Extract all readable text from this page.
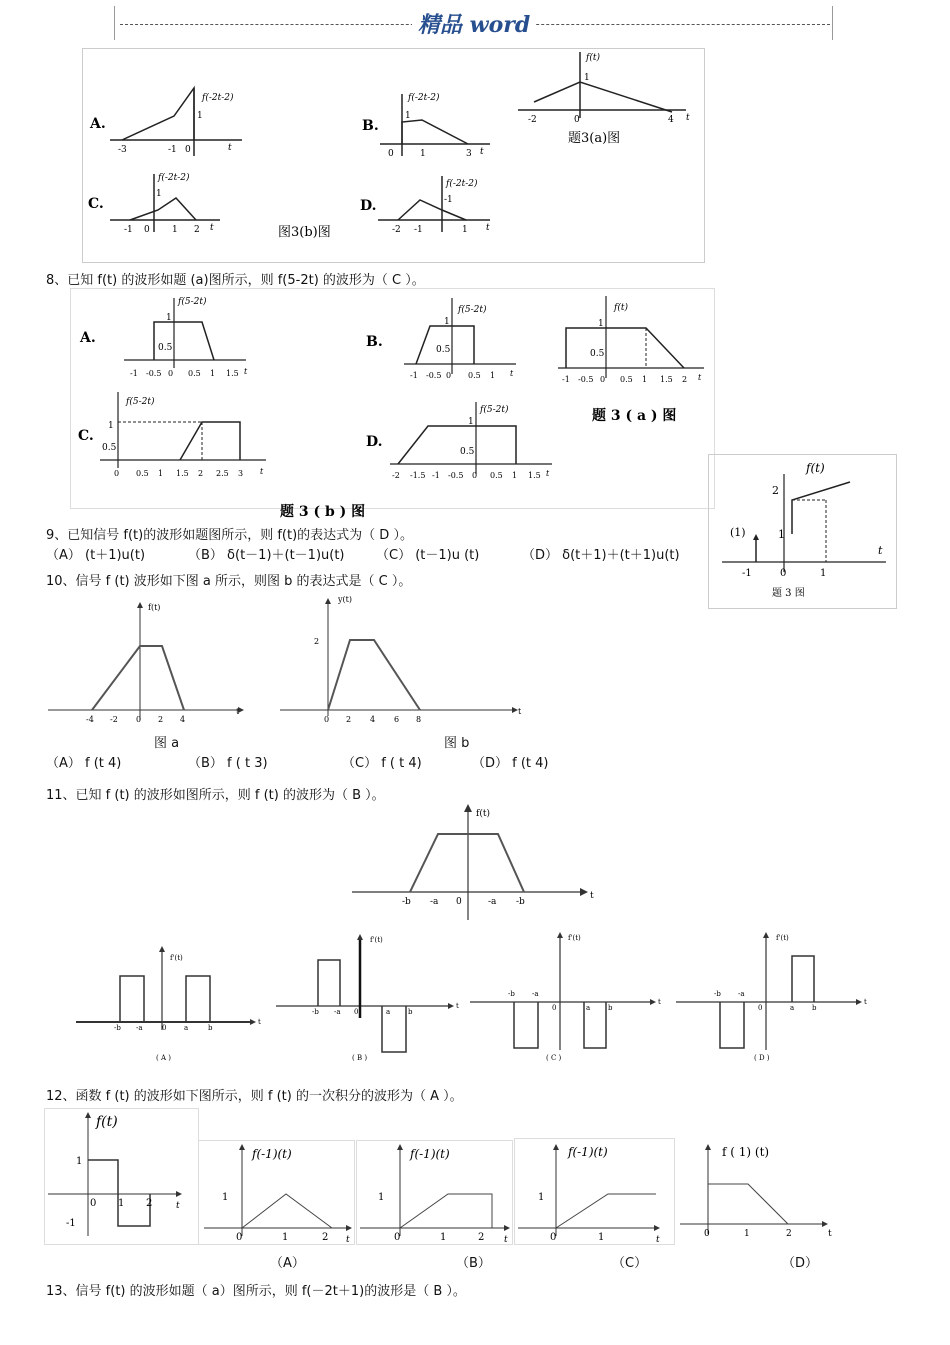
精品 word
A.
f(-2t-2)
1
-3	-1 0	t
B.
f(-2t-2)
1
0	1	3 t
f(t)
1
-2	0	4 t
题3(a)图
C.
f(-2t-2)
1
-1 0 1 2 t	图3(b)图
D.
f(-2t-2)
-1
-2 -1	1 t
8、已知 f(t) 的波形如题 (a)图所示，则 f(5-2t) 的波形为（ C ）。
A.
f(5-2t)
1
0.5
-1 -0.5 0 0.5 1 1.5 t
B.
f(5-2t)
1
0.5
-1 -0.5 0 0.5 1 t
f(t)
1
0.5
-1 -0.5 0 0.5 1 1.5 2 t
题 3 ( a ) 图
C.
f(5-2t)
1
0.5
0 0.5 1 1.5 2 2.5 3 t
题 3 ( b ) 图
D.
f(5-2t)
1
0.5
-2 -1.5 -1 -0.5 0 0.5 1 1.5 t	f(t)
2
1
(1)
-1	0	1
t
题 3 图
9、已知信号 f(t)的波形如题图所示，则 f(t)的表达式为（ D ）。
（A） (t＋1)u(t)	（B） δ(t－1)＋(t－1)u(t) （C） (t－1)u (t)	（D） δ(t＋1)＋(t＋1)u(t)
10、信号 f (t) 波形如下图 a 所示，则图 b 的表达式是（ C ）。
f(t)
-4 -2 0 2 4
t
y(t)
2
0 2 4 6 8
t
图 a	图 b
（A） f (t 4)	（B） f ( t 3)	（C） f ( t 4)	（D） f (t 4)
11、已知 f (t) 的波形如图所示，则 f (t) 的波形为（ B ）。
f(t)
-b -a 0	-a -b
t
f'(t)
-b -a	0	a	b
t
( A )
f'(t)
-b -a 0	a	b
t
( B )
f'(t)
-b -a
0	a	b
t
( C )
f'(t)
-b -a
0	a	b
t
( D )
12、函数 f (t) 的波形如下图所示，则 f (t) 的一次积分的波形为（ A ）。
f(t)
1
-1
0 1 2	t
f(-1)(t)
1
0	1	2 t
f(-1)(t)
1
0	1	2 t
f(-1)(t)
1
0	1	t
f ( 1) (t)
0	1	2	t
（A）	（B）	（C）	（D）
13、信号 f(t) 的波形如题（ a）图所示，则 f(－2t＋1)的波形是（ B ）。
